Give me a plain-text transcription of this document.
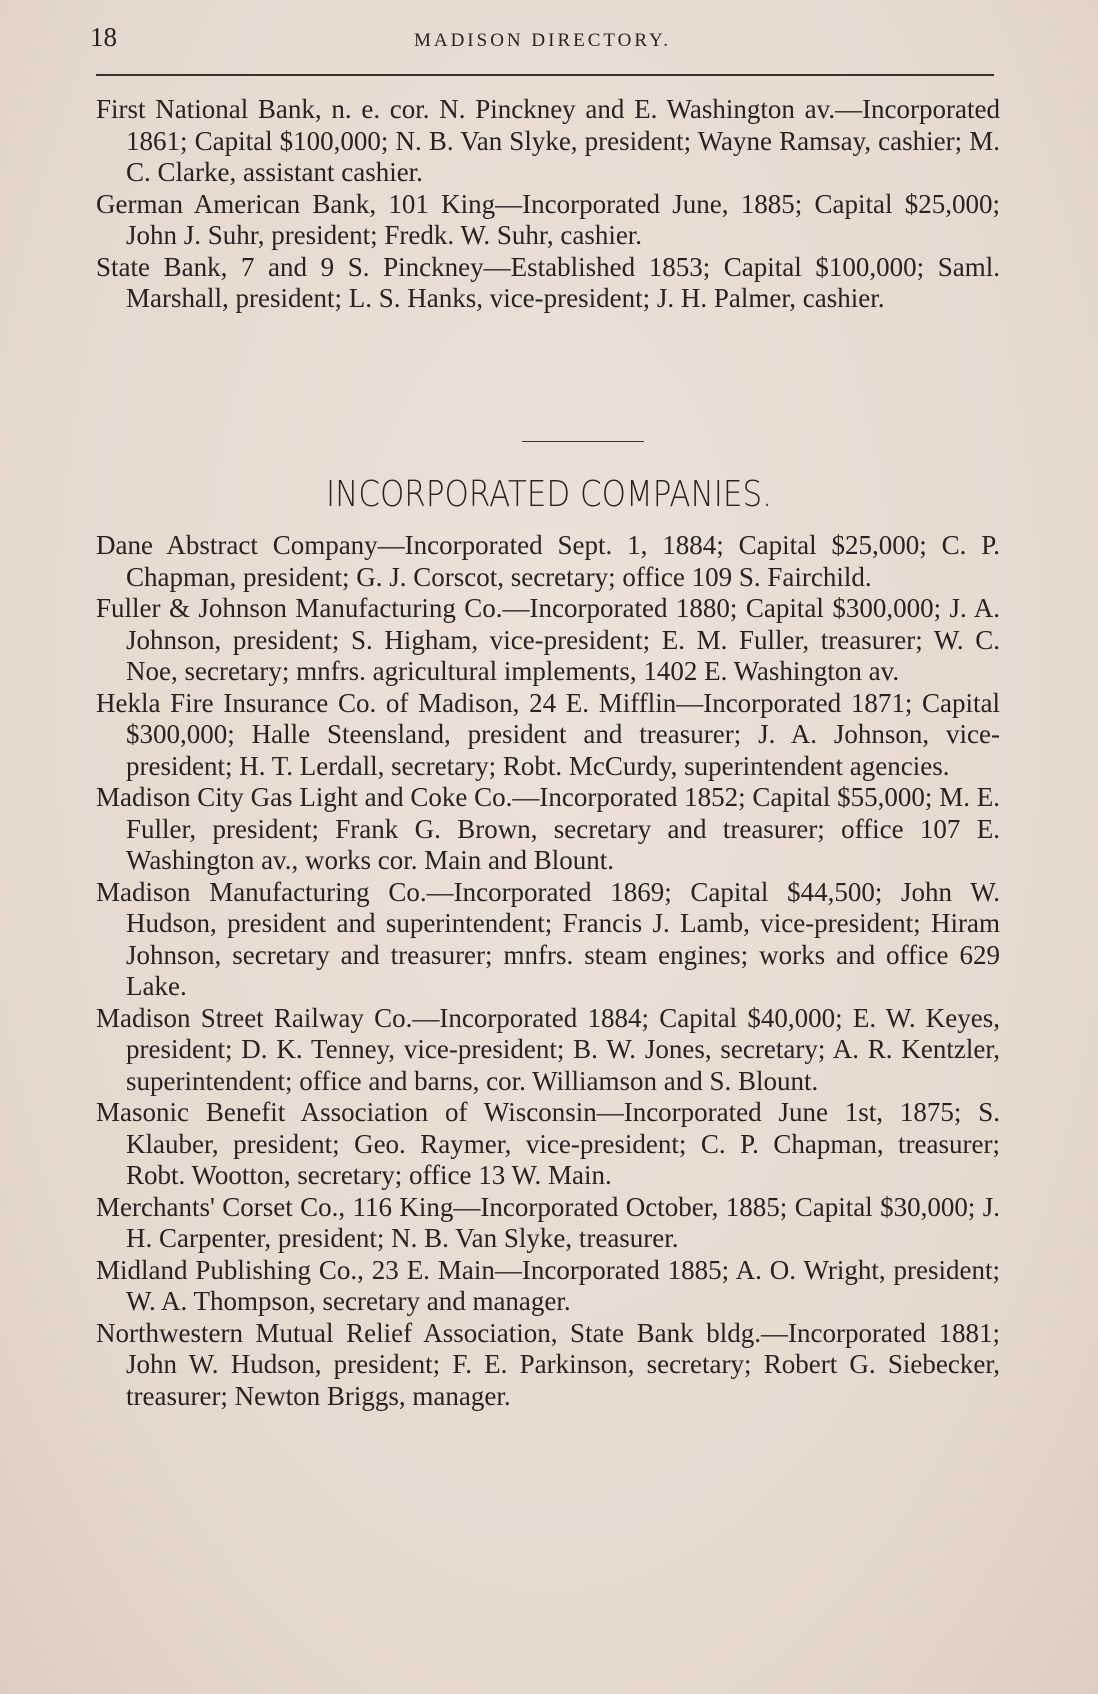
18	MADISON DIRECTORY.

First National Bank, n. e. cor. N. Pinckney and E. Washington av.—Incorporated 1861; Capital $100,000; N. B. Van Slyke, president; Wayne Ramsay, cashier; M. C. Clarke, assistant cashier.

German American Bank, 101 King—Incorporated June, 1885; Capital $25,000; John J. Suhr, president; Fredk. W. Suhr, cashier.

State Bank, 7 and 9 S. Pinckney—Established 1853; Capital $100,000; Saml. Marshall, president; L. S. Hanks, vice-president; J. H. Palmer, cashier.

INCORPORATED COMPANIES.

Dane Abstract Company—Incorporated Sept. 1, 1884; Capital $25,000; C. P. Chapman, president; G. J. Corscot, secretary; office 109 S. Fairchild.

Fuller & Johnson Manufacturing Co.—Incorporated 1880; Capital $300,000; J. A. Johnson, president; S. Higham, vice-president; E. M. Fuller, treasurer; W. C. Noe, secretary; mnfrs. agricultural implements, 1402 E. Washington av.

Hekla Fire Insurance Co. of Madison, 24 E. Mifflin—Incorporated 1871; Capital $300,000; Halle Steensland, president and treasurer; J. A. Johnson, vice-president; H. T. Lerdall, secretary; Robt. McCurdy, superintendent agencies.

Madison City Gas Light and Coke Co.—Incorporated 1852; Capital $55,000; M. E. Fuller, president; Frank G. Brown, secretary and treasurer; office 107 E. Washington av., works cor. Main and Blount.

Madison Manufacturing Co.—Incorporated 1869; Capital $44,500; John W. Hudson, president and superintendent; Francis J. Lamb, vice-president; Hiram Johnson, secretary and treasurer; mnfrs. steam engines; works and office 629 Lake.

Madison Street Railway Co.—Incorporated 1884; Capital $40,000; E. W. Keyes, president; D. K. Tenney, vice-president; B. W. Jones, secretary; A. R. Kentzler, superintendent; office and barns, cor. Williamson and S. Blount.

Masonic Benefit Association of Wisconsin—Incorporated June 1st, 1875; S. Klauber, president; Geo. Raymer, vice-president; C. P. Chapman, treasurer; Robt. Wootton, secretary; office 13 W. Main.

Merchants' Corset Co., 116 King—Incorporated October, 1885; Capital $30,000; J. H. Carpenter, president; N. B. Van Slyke, treasurer.

Midland Publishing Co., 23 E. Main—Incorporated 1885; A. O. Wright, president; W. A. Thompson, secretary and manager.

Northwestern Mutual Relief Association, State Bank bldg.—Incorporated 1881; John W. Hudson, president; F. E. Parkinson, secretary; Robert G. Siebecker, treasurer; Newton Briggs, manager.
